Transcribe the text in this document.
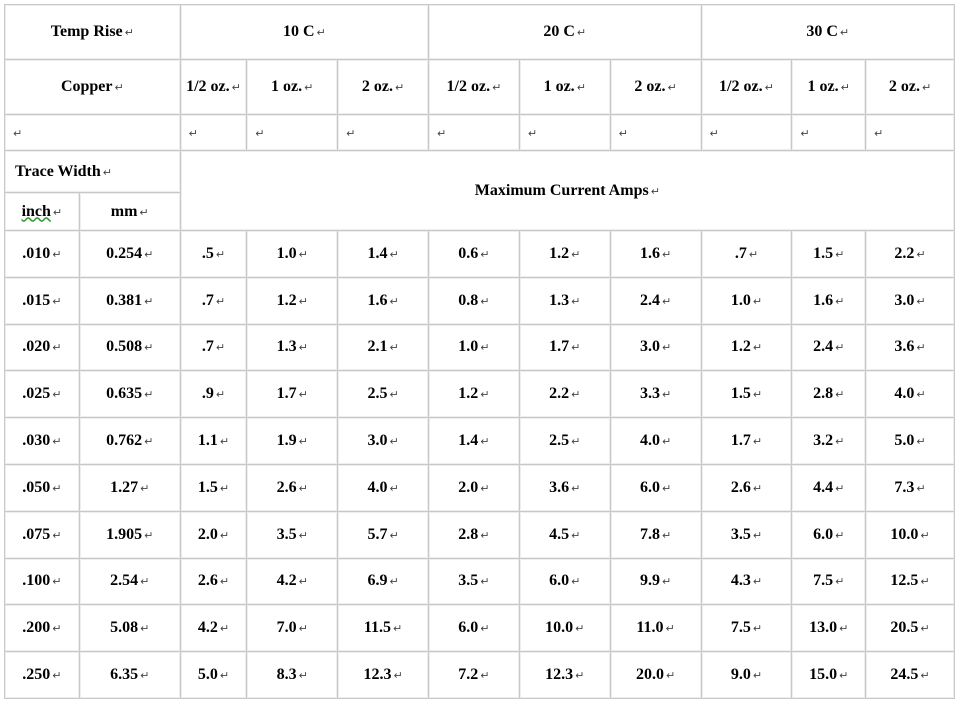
Temp Rise ↵		10 C ↵			20 C ↵			30 C ↵		
Copper ↵		1/2 oz. ↵	1 oz. ↵	2 oz. ↵	1/2 oz. ↵	1 oz. ↵	2 oz. ↵	1/2 oz. ↵	1 oz. ↵	2 oz. ↵
↵		↵	↵	↵	↵	↵	↵	↵	↵	↵
Trace Width ↵		Maximum Current Amps ↵								
inch ↵	mm ↵									
.010 ↵	0.254 ↵	.5 ↵	1.0 ↵	1.4 ↵	0.6 ↵	1.2 ↵	1.6 ↵	.7 ↵	1.5 ↵	2.2 ↵
.015 ↵	0.381 ↵	.7 ↵	1.2 ↵	1.6 ↵	0.8 ↵	1.3 ↵	2.4 ↵	1.0 ↵	1.6 ↵	3.0 ↵
.020 ↵	0.508 ↵	.7 ↵	1.3 ↵	2.1 ↵	1.0 ↵	1.7 ↵	3.0 ↵	1.2 ↵	2.4 ↵	3.6 ↵
.025 ↵	0.635 ↵	.9 ↵	1.7 ↵	2.5 ↵	1.2 ↵	2.2 ↵	3.3 ↵	1.5 ↵	2.8 ↵	4.0 ↵
.030 ↵	0.762 ↵	1.1 ↵	1.9 ↵	3.0 ↵	1.4 ↵	2.5 ↵	4.0 ↵	1.7 ↵	3.2 ↵	5.0 ↵
.050 ↵	1.27 ↵	1.5 ↵	2.6 ↵	4.0 ↵	2.0 ↵	3.6 ↵	6.0 ↵	2.6 ↵	4.4 ↵	7.3 ↵
.075 ↵	1.905 ↵	2.0 ↵	3.5 ↵	5.7 ↵	2.8 ↵	4.5 ↵	7.8 ↵	3.5 ↵	6.0 ↵	10.0 ↵
.100 ↵	2.54 ↵	2.6 ↵	4.2 ↵	6.9 ↵	3.5 ↵	6.0 ↵	9.9 ↵	4.3 ↵	7.5 ↵	12.5 ↵
.200 ↵	5.08 ↵	4.2 ↵	7.0 ↵	11.5 ↵	6.0 ↵	10.0 ↵	11.0 ↵	7.5 ↵	13.0 ↵	20.5 ↵
.250 ↵	6.35 ↵	5.0 ↵	8.3 ↵	12.3 ↵	7.2 ↵	12.3 ↵	20.0 ↵	9.0 ↵	15.0 ↵	24.5 ↵
